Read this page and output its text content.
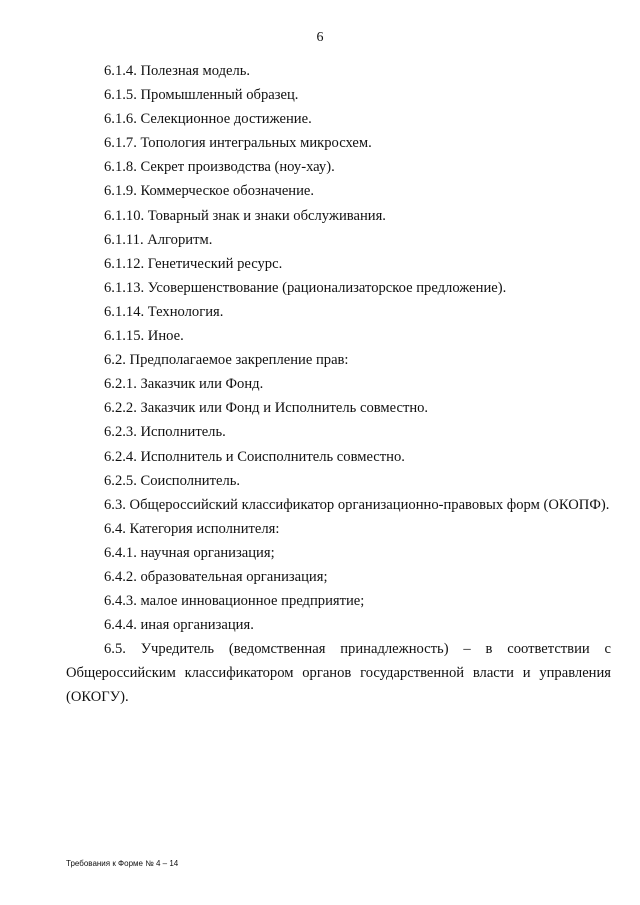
6

6.1.4. Полезная модель.

6.1.5. Промышленный образец.

6.1.6. Селекционное достижение.

6.1.7. Топология интегральных микросхем.

6.1.8. Секрет производства (ноу-хау).

6.1.9. Коммерческое обозначение.

6.1.10. Товарный знак и знаки обслуживания.

6.1.11. Алгоритм.

6.1.12. Генетический ресурс.

6.1.13. Усовершенствование (рационализаторское предложение).

6.1.14. Технология.

6.1.15. Иное.

6.2. Предполагаемое закрепление прав:

6.2.1. Заказчик или Фонд.

6.2.2. Заказчик или Фонд и Исполнитель совместно.

6.2.3. Исполнитель.

6.2.4. Исполнитель и Соисполнитель совместно.

6.2.5. Соисполнитель.

6.3. Общероссийский классификатор организационно-правовых форм (ОКОПФ).

6.4. Категория исполнителя:

6.4.1. научная организация;

6.4.2. образовательная организация;

6.4.3. малое инновационное предприятие;

6.4.4. иная организация.

6.5. Учредитель (ведомственная принадлежность) – в соответствии с Общероссийским классификатором органов государственной власти и управления (ОКОГУ).

Требования к Форме № 4 – 14
